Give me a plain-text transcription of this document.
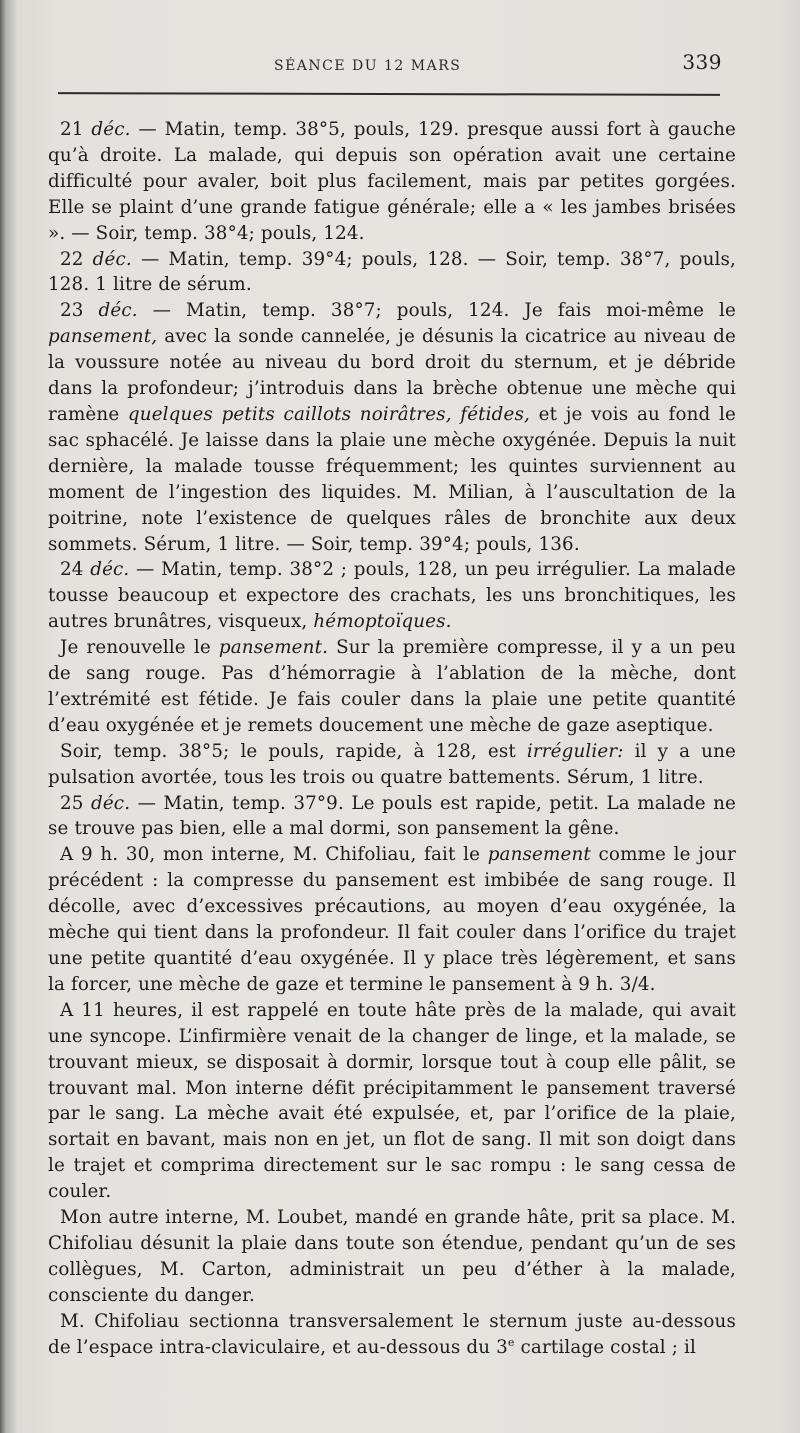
SÉANCE DU 12 MARS	339

21 déc. — Matin, temp. 38°5, pouls, 129. presque aussi fort à gauche qu’à droite. La malade, qui depuis son opération avait une certaine difficulté pour avaler, boit plus facilement, mais par petites gorgées. Elle se plaint d’une grande fatigue générale; elle a « les jambes brisées ». — Soir, temp. 38°4; pouls, 124.

22 déc. — Matin, temp. 39°4; pouls, 128. — Soir, temp. 38°7, pouls, 128. 1 litre de sérum.

23 déc. — Matin, temp. 38°7; pouls, 124. Je fais moi-même le pansement, avec la sonde cannelée, je désunis la cicatrice au niveau de la voussure notée au niveau du bord droit du sternum, et je débride dans la profondeur; j’introduis dans la brèche obtenue une mèche qui ramène quelques petits caillots noirâtres, fétides, et je vois au fond le sac sphacélé. Je laisse dans la plaie une mèche oxygénée. Depuis la nuit dernière, la malade tousse fréquemment; les quintes surviennent au moment de l’ingestion des liquides. M. Milian, à l’auscultation de la poitrine, note l’existence de quelques râles de bronchite aux deux sommets. Sérum, 1 litre. — Soir, temp. 39°4; pouls, 136.

24 déc. — Matin, temp. 38°2 ; pouls, 128, un peu irrégulier. La malade tousse beaucoup et expectore des crachats, les uns bronchitiques, les autres brunâtres, visqueux, hémoptoïques.

Je renouvelle le pansement. Sur la première compresse, il y a un peu de sang rouge. Pas d’hémorragie à l’ablation de la mèche, dont l’extrémité est fétide. Je fais couler dans la plaie une petite quantité d’eau oxygénée et je remets doucement une mèche de gaze aseptique.

Soir, temp. 38°5; le pouls, rapide, à 128, est irrégulier: il y a une pulsation avortée, tous les trois ou quatre battements. Sérum, 1 litre.

25 déc. — Matin, temp. 37°9. Le pouls est rapide, petit. La malade ne se trouve pas bien, elle a mal dormi, son pansement la gêne.

A 9 h. 30, mon interne, M. Chifoliau, fait le pansement comme le jour précédent : la compresse du pansement est imbibée de sang rouge. Il décolle, avec d’excessives précautions, au moyen d’eau oxygénée, la mèche qui tient dans la profondeur. Il fait couler dans l’orifice du trajet une petite quantité d’eau oxygénée. Il y place très légèrement, et sans la forcer, une mèche de gaze et termine le pansement à 9 h. 3/4.

A 11 heures, il est rappelé en toute hâte près de la malade, qui avait une syncope. L’infirmière venait de la changer de linge, et la malade, se trouvant mieux, se disposait à dormir, lorsque tout à coup elle pâlit, se trouvant mal. Mon interne défit précipitamment le pansement traversé par le sang. La mèche avait été expulsée, et, par l’orifice de la plaie, sortait en bavant, mais non en jet, un flot de sang. Il mit son doigt dans le trajet et comprima directement sur le sac rompu : le sang cessa de couler.

Mon autre interne, M. Loubet, mandé en grande hâte, prit sa place. M. Chifoliau désunit la plaie dans toute son étendue, pendant qu’un de ses collègues, M. Carton, administrait un peu d’éther à la malade, consciente du danger.

M. Chifoliau sectionna transversalement le sternum juste au-dessous de l’espace intra-claviculaire, et au-dessous du 3e cartilage costal ; il
